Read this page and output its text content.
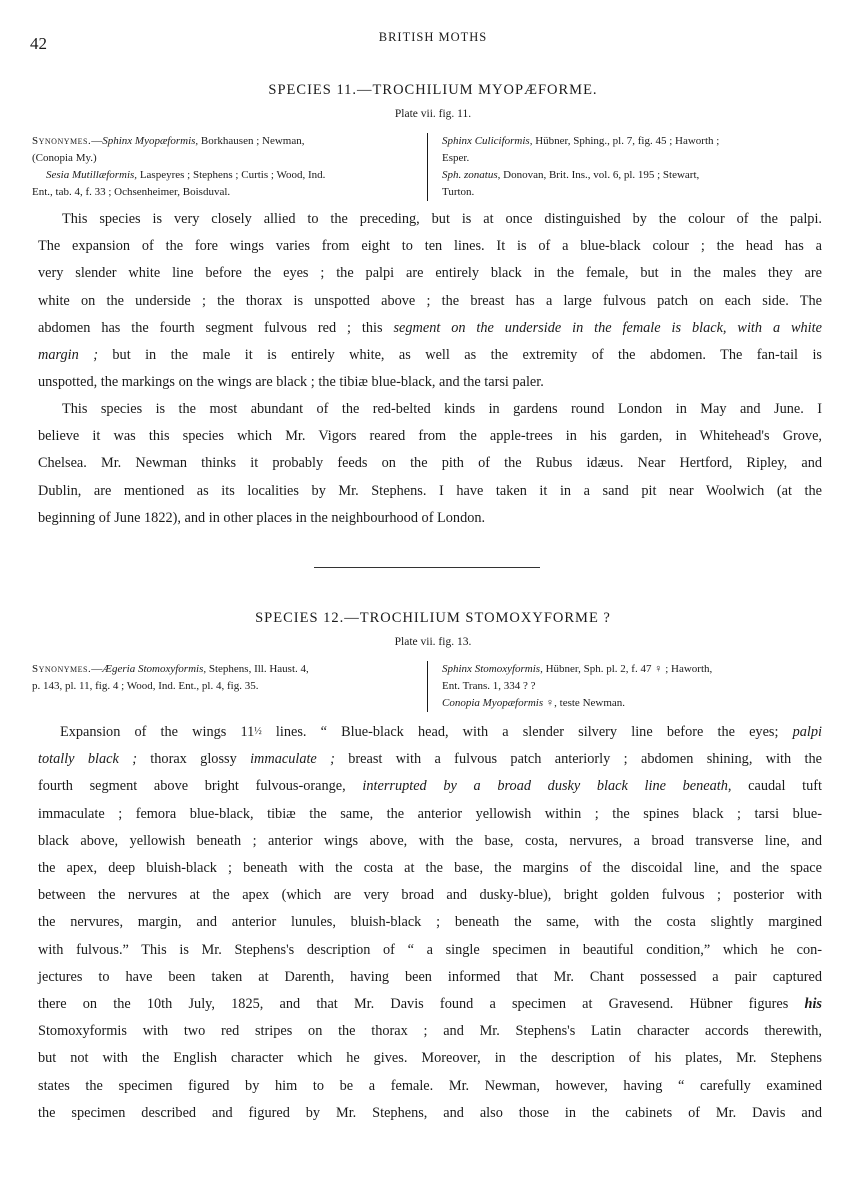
42	BRITISH MOTHS
SPECIES 11.—TROCHILIUM MYOPÆFORME.
Plate vii. fig. 11.
Synonymes.—Sphinx Myopæformis, Borkhausen ; Newman,
(Conopia My.)
Sesia Mutillæformis, Laspeyres ; Stephens ; Curtis ; Wood, Ind.
Ent., tab. 4, f. 33 ; Ochsenheimer, Boisduval.
Sphinx Culiciformis, Hübner, Sphing., pl. 7, fig. 45 ; Haworth ;
Esper.
Sph. zonatus, Donovan, Brit. Ins., vol. 6, pl. 195 ; Stewart,
Turton.
This species is very closely allied to the preceding, but is at once distinguished by the colour of the palpi.
The expansion of the fore wings varies from eight to ten lines. It is of a blue-black colour ; the head has a
very slender white line before the eyes ; the palpi are entirely black in the female, but in the males they are
white on the underside ; the thorax is unspotted above ; the breast has a large fulvous patch on each side. The
abdomen has the fourth segment fulvous red ; this segment on the underside in the female is black, with a white
margin ; but in the male it is entirely white, as well as the extremity of the abdomen. The fan-tail is
unspotted, the markings on the wings are black ; the tibiæ blue-black, and the tarsi paler.
This species is the most abundant of the red-belted kinds in gardens round London in May and June. I
believe it was this species which Mr. Vigors reared from the apple-trees in his garden, in Whitehead's Grove,
Chelsea. Mr. Newman thinks it probably feeds on the pith of the Rubus idæus. Near Hertford, Ripley, and
Dublin, are mentioned as its localities by Mr. Stephens. I have taken it in a sand pit near Woolwich (at the
beginning of June 1822), and in other places in the neighbourhood of London.
SPECIES 12.—TROCHILIUM STOMOXYFORME ?
Plate vii. fig. 13.
Synonymes.—Ægeria Stomoxyformis, Stephens, Ill. Haust. 4,
p. 143, pl. 11, fig. 4 ; Wood, Ind. Ent., pl. 4, fig. 35.
Sphinx Stomoxyformis, Hübner, Sph. pl. 2, f. 47 ♀ ; Haworth,
Ent. Trans. 1, 334 ? ?
Conopia Myopæformis ♀, teste Newman.
Expansion of the wings 11½ lines. “ Blue-black head, with a slender silvery line before the eyes; palpi
totally black ; thorax glossy immaculate ; breast with a fulvous patch anteriorly ; abdomen shining, with the
fourth segment above bright fulvous-orange, interrupted by a broad dusky black line beneath, caudal tuft
immaculate ; femora blue-black, tibiæ the same, the anterior yellowish within ; the spines black ; tarsi blue-
black above, yellowish beneath ; anterior wings above, with the base, costa, nervures, a broad transverse line, and
the apex, deep bluish-black ; beneath with the costa at the base, the margins of the discoidal line, and the space
between the nervures at the apex (which are very broad and dusky-blue), bright golden fulvous ; posterior with
the nervures, margin, and anterior lunules, bluish-black ; beneath the same, with the costa slightly margined
with fulvous.” This is Mr. Stephens's description of “ a single specimen in beautiful condition,” which he con-
jectures to have been taken at Darenth, having been informed that Mr. Chant possessed a pair captured
there on the 10th July, 1825, and that Mr. Davis found a specimen at Gravesend. Hübner figures his
Stomoxyformis with two red stripes on the thorax ; and Mr. Stephens's Latin character accords therewith,
but not with the English character which he gives. Moreover, in the description of his plates, Mr. Stephens
states the specimen figured by him to be a female. Mr. Newman, however, having “ carefully examined
the specimen described and figured by Mr. Stephens, and also those in the cabinets of Mr. Davis and
